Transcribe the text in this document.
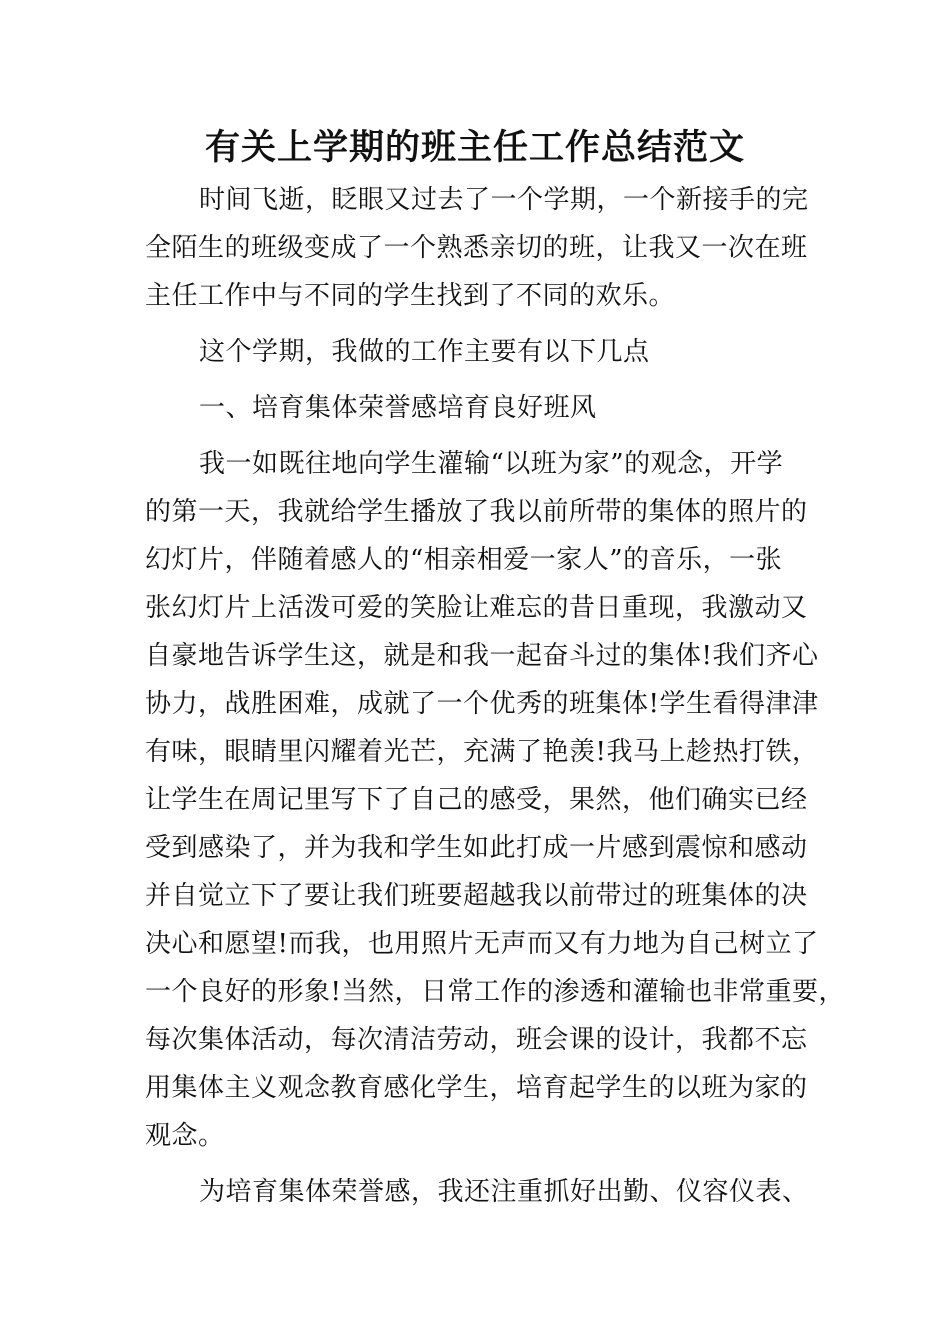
有关上学期的班主任工作总结范文
时间飞逝，眨眼又过去了一个学期，一个新接手的完
全陌生的班级变成了一个熟悉亲切的班，让我又一次在班
主任工作中与不同的学生找到了不同的欢乐。
这个学期，我做的工作主要有以下几点
一、培育集体荣誉感培育良好班风
我一如既往地向学生灌输“以班为家”的观念，开学
的第一天，我就给学生播放了我以前所带的集体的照片的
幻灯片，伴随着感人的“相亲相爱一家人”的音乐，一张
张幻灯片上活泼可爱的笑脸让难忘的昔日重现，我激动又
自豪地告诉学生这，就是和我一起奋斗过的集体!我们齐心
协力，战胜困难，成就了一个优秀的班集体!学生看得津津
有味，眼睛里闪耀着光芒，充满了艳羡!我马上趁热打铁，
让学生在周记里写下了自己的感受，果然，他们确实已经
受到感染了，并为我和学生如此打成一片感到震惊和感动
并自觉立下了要让我们班要超越我以前带过的班集体的决
决心和愿望!而我，也用照片无声而又有力地为自己树立了
一个良好的形象!当然，日常工作的渗透和灌输也非常重要，
每次集体活动，每次清洁劳动，班会课的设计，我都不忘
用集体主义观念教育感化学生，培育起学生的以班为家的
观念。
为培育集体荣誉感，我还注重抓好出勤、仪容仪表、
